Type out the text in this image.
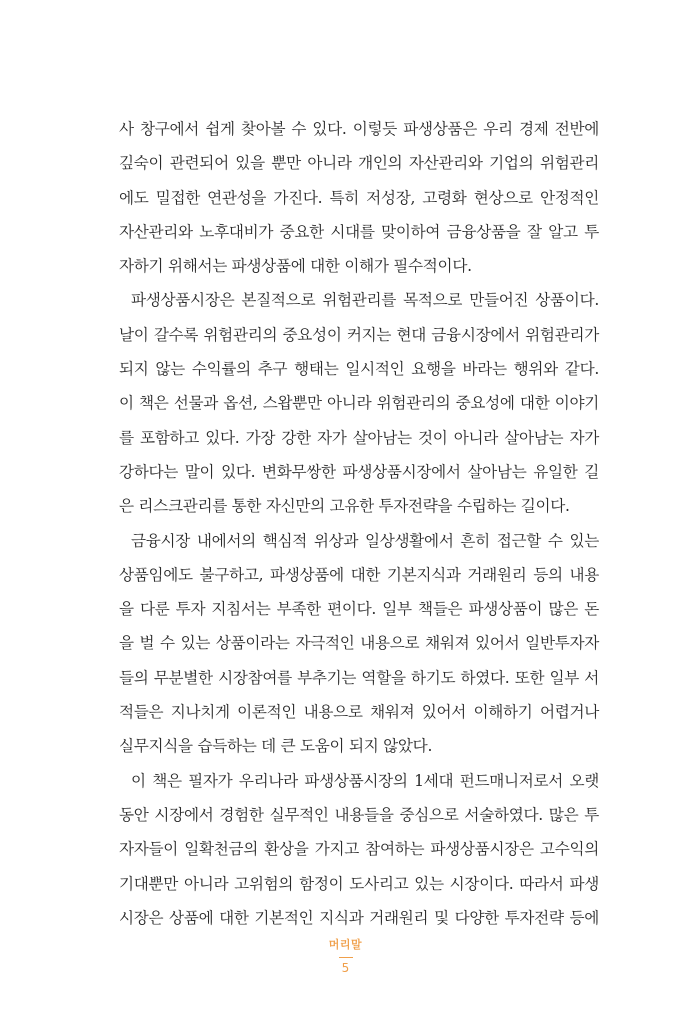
사 창구에서 쉽게 찾아볼 수 있다. 이렇듯 파생상품은 우리 경제 전반에
깊숙이 관련되어 있을 뿐만 아니라 개인의 자산관리와 기업의 위험관리
에도 밀접한 연관성을 가진다. 특히 저성장, 고령화 현상으로 안정적인
자산관리와 노후대비가 중요한 시대를 맞이하여 금융상품을 잘 알고 투
자하기 위해서는 파생상품에 대한 이해가 필수적이다.
파생상품시장은 본질적으로 위험관리를 목적으로 만들어진 상품이다.
날이 갈수록 위험관리의 중요성이 커지는 현대 금융시장에서 위험관리가
되지 않는 수익률의 추구 행태는 일시적인 요행을 바라는 행위와 같다.
이 책은 선물과 옵션, 스왑뿐만 아니라 위험관리의 중요성에 대한 이야기
를 포함하고 있다. 가장 강한 자가 살아남는 것이 아니라 살아남는 자가
강하다는 말이 있다. 변화무쌍한 파생상품시장에서 살아남는 유일한 길
은 리스크관리를 통한 자신만의 고유한 투자전략을 수립하는 길이다.
금융시장 내에서의 핵심적 위상과 일상생활에서 흔히 접근할 수 있는
상품임에도 불구하고, 파생상품에 대한 기본지식과 거래원리 등의 내용
을 다룬 투자 지침서는 부족한 편이다. 일부 책들은 파생상품이 많은 돈
을 벌 수 있는 상품이라는 자극적인 내용으로 채워져 있어서 일반투자자
들의 무분별한 시장참여를 부추기는 역할을 하기도 하였다. 또한 일부 서
적들은 지나치게 이론적인 내용으로 채워져 있어서 이해하기 어렵거나
실무지식을 습득하는 데 큰 도움이 되지 않았다.
이 책은 필자가 우리나라 파생상품시장의 1세대 펀드매니저로서 오랫
동안 시장에서 경험한 실무적인 내용들을 중심으로 서술하였다. 많은 투
자자들이 일확천금의 환상을 가지고 참여하는 파생상품시장은 고수익의
기대뿐만 아니라 고위험의 함정이 도사리고 있는 시장이다. 따라서 파생
시장은 상품에 대한 기본적인 지식과 거래원리 및 다양한 투자전략 등에
머리말
5
